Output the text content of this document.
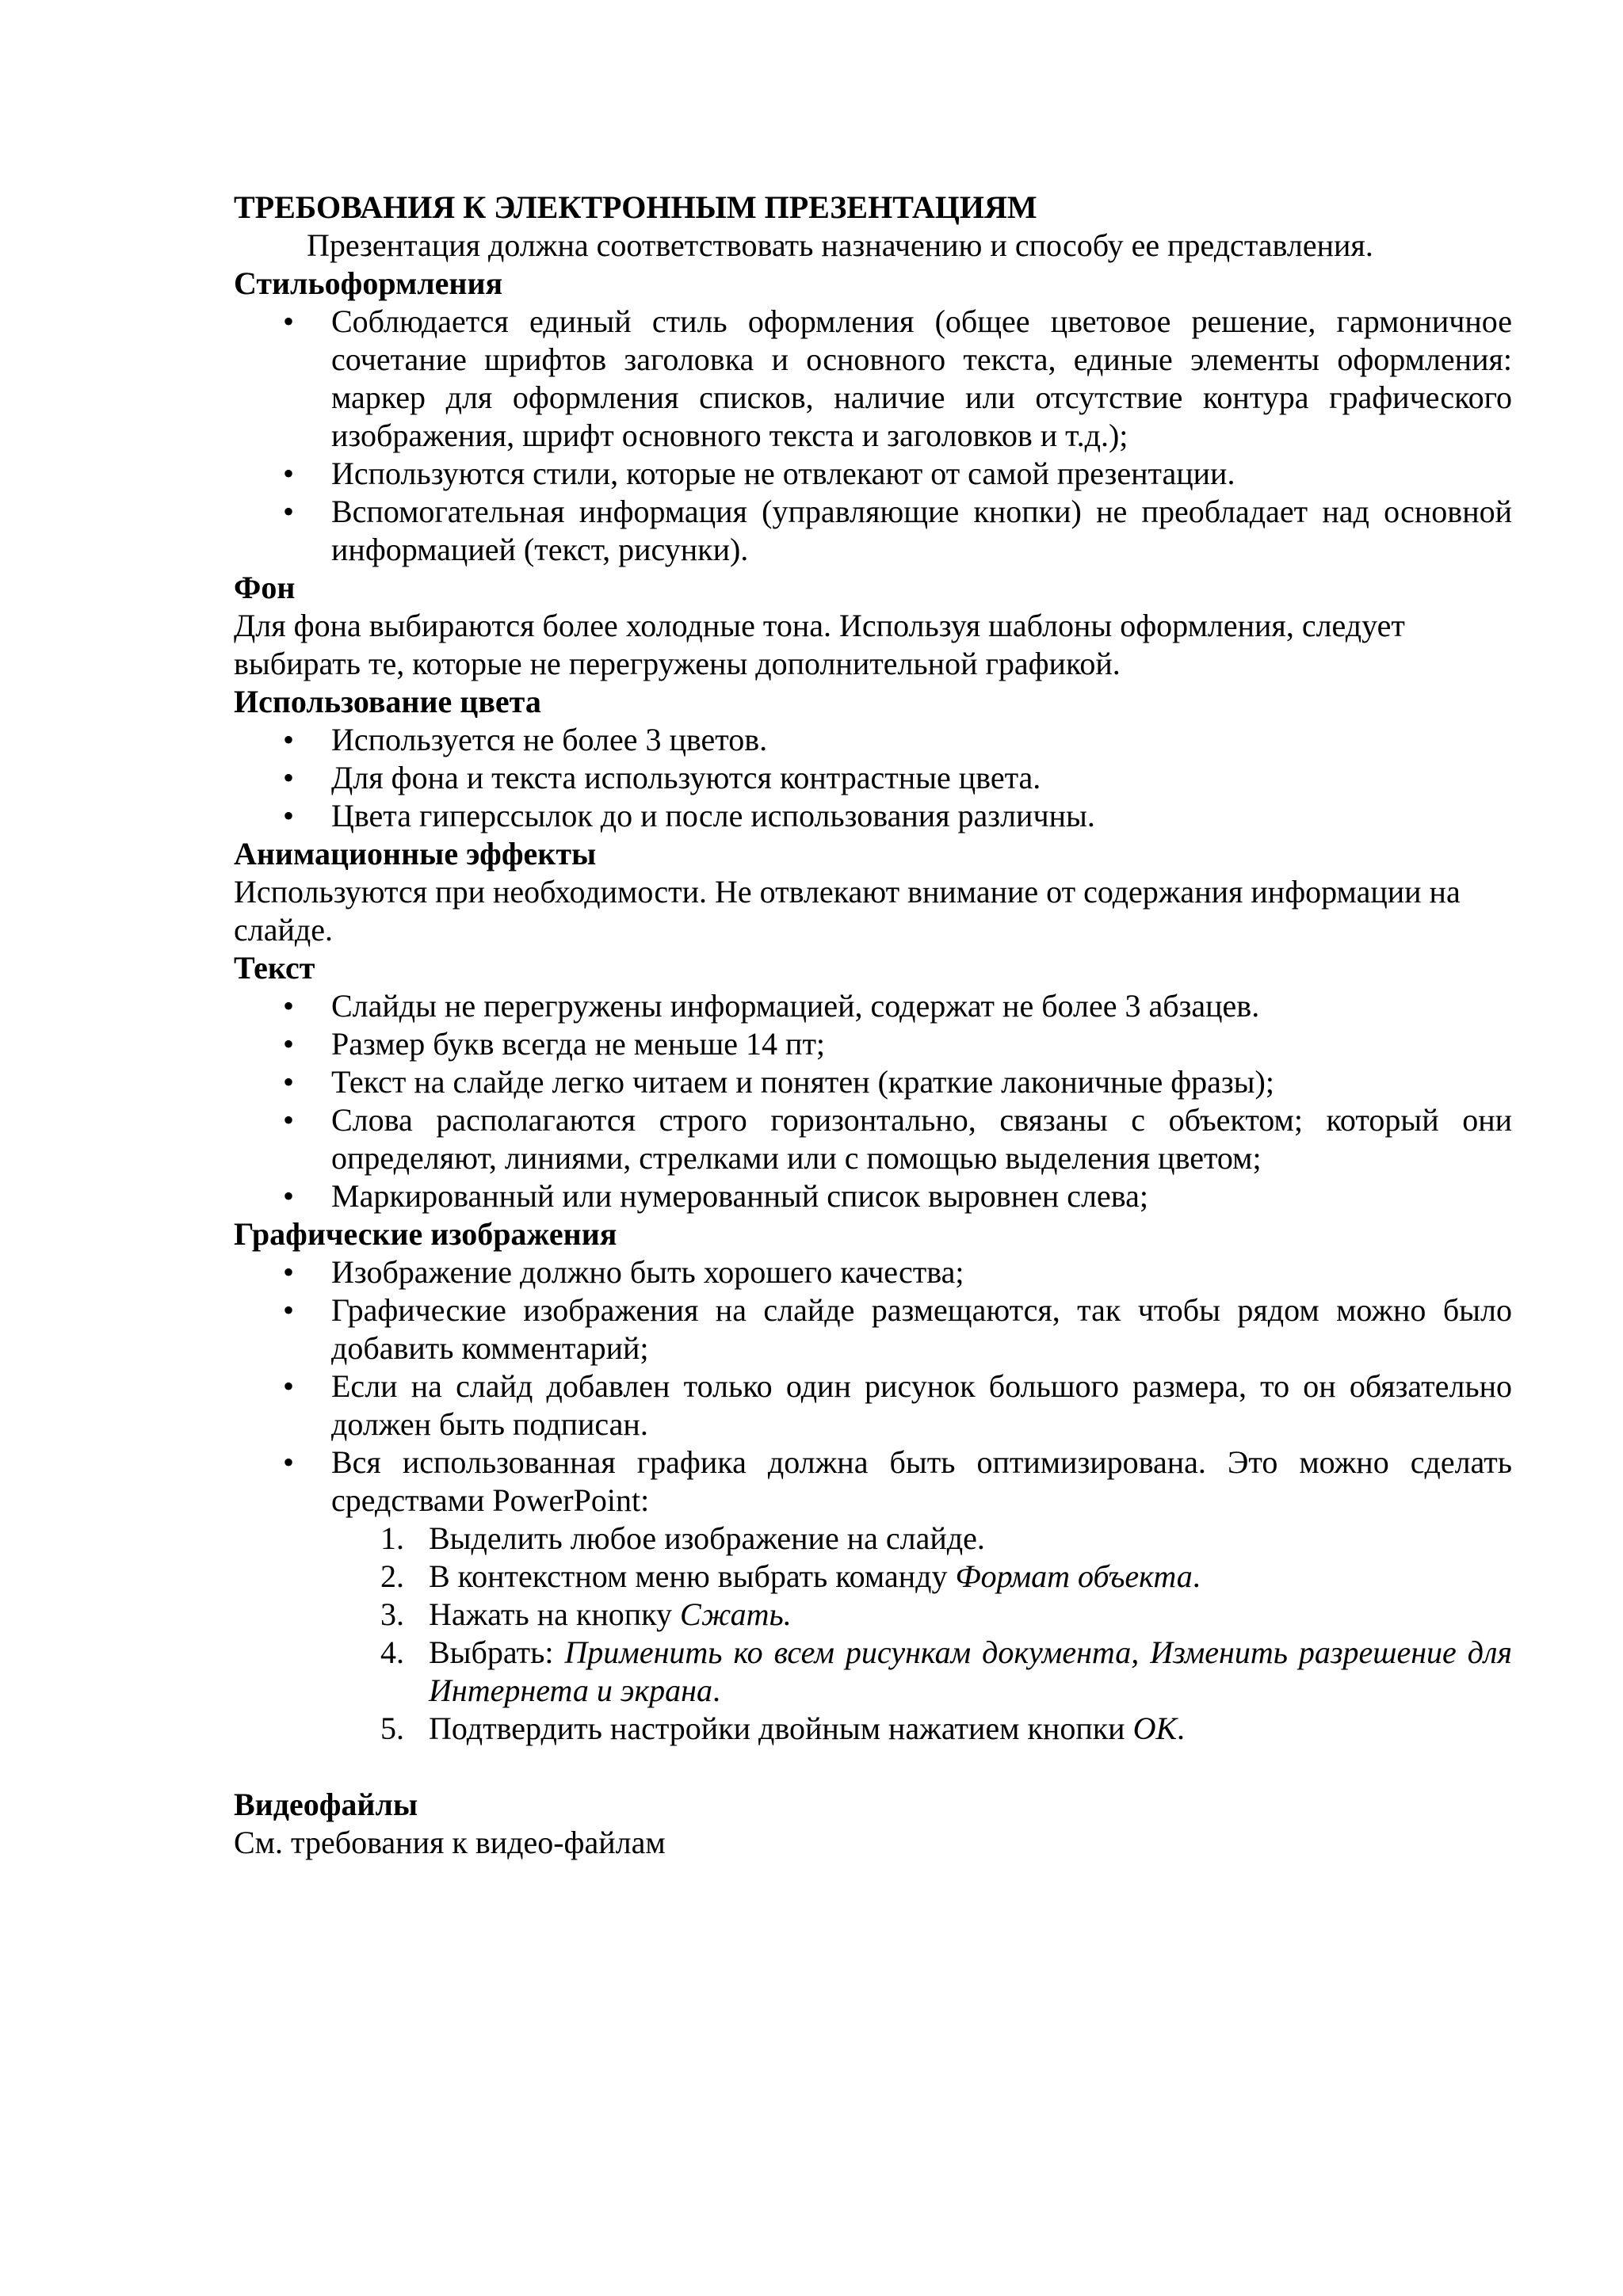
ТРЕБОВАНИЯ К ЭЛЕКТРОННЫМ ПРЕЗЕНТАЦИЯМ

Презентация должна соответствовать назначению и способу ее представления.

Стильоформления

• Соблюдается единый стиль оформления (общее цветовое решение, гармоничное сочетание шрифтов заголовка и основного текста, единые элементы оформления: маркер для оформления списков, наличие или отсутствие контура графического изображения, шрифт основного текста и заголовков и т.д.);
• Используются стили, которые не отвлекают от самой презентации.
• Вспомогательная информация (управляющие кнопки) не преобладает над основной информацией (текст, рисунки).

Фон

Для фона выбираются более холодные тона. Используя шаблоны оформления, следует выбирать те, которые не перегружены дополнительной графикой.

Использование цвета

• Используется не более 3 цветов.
• Для фона и текста используются контрастные цвета.
• Цвета гиперссылок до и после использования различны.

Анимационные эффекты

Используются при необходимости. Не отвлекают внимание от содержания информации на слайде.

Текст

• Слайды не перегружены информацией, содержат не более 3 абзацев.
• Размер букв всегда не меньше 14 пт;
• Текст на слайде легко читаем и понятен (краткие лаконичные фразы);
• Слова располагаются строго горизонтально, связаны с объектом; который они определяют, линиями, стрелками или с помощью выделения цветом;
• Маркированный или нумерованный список выровнен слева;

Графические изображения

• Изображение должно быть хорошего качества;
• Графические изображения на слайде размещаются, так чтобы рядом можно было добавить комментарий;
• Если на слайд добавлен только один рисунок большого размера, то он обязательно должен быть подписан.
• Вся использованная графика должна быть оптимизирована. Это можно сделать средствами PowerPoint:
1. Выделить любое изображение на слайде.
2. В контекстном меню выбрать команду Формат объекта.
3. Нажать на кнопку Сжать.
4. Выбрать: Применить ко всем рисункам документа, Изменить разрешение для Интернета и экрана.
5. Подтвердить настройки двойным нажатием кнопки ОК.

Видеофайлы

См. требования к видео-файлам
